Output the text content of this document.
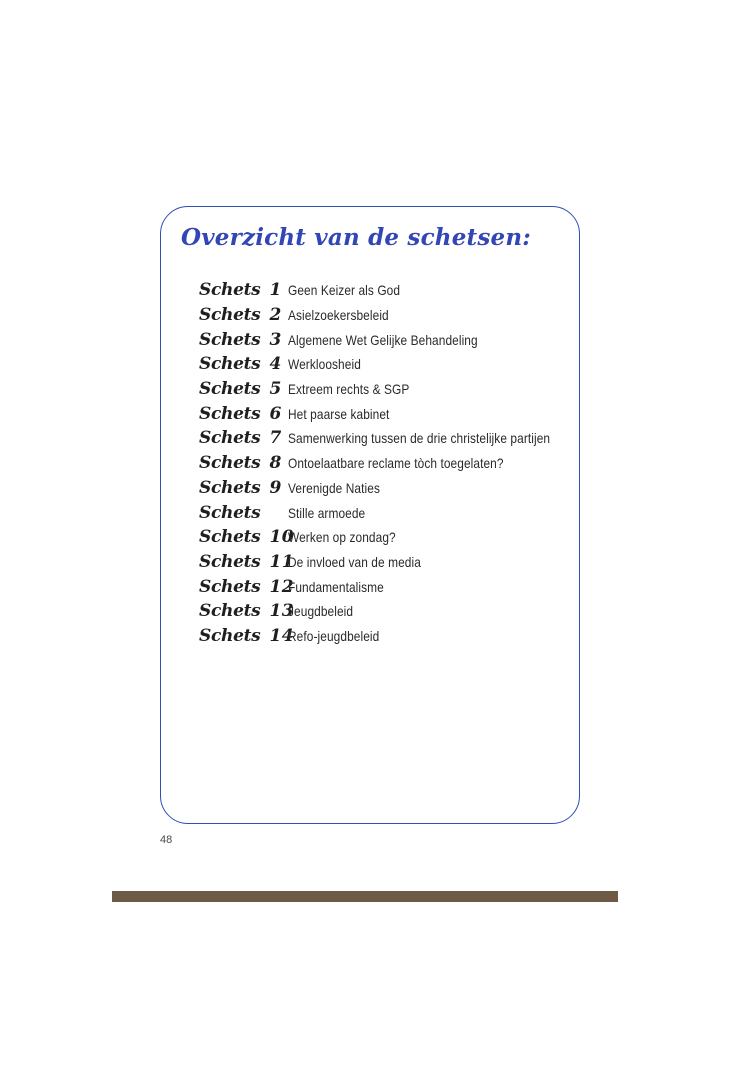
Overzicht van de schetsen:
Schets 1 Geen Keizer als God
Schets 2 Asielzoekersbeleid
Schets 3 Algemene Wet Gelijke Behandeling
Schets 4 Werkloosheid
Schets 5 Extreem rechts & SGP
Schets 6 Het paarse kabinet
Schets 7 Samenwerking tussen de drie christelijke partijen
Schets 8 Ontoelaatbare reclame tòch toegelaten?
Schets 9 Verenigde Naties
Schets Stille armoede
Schets 10
Werken op zondag?
Schets 11
De invloed van de media
Schets 12
Fundamentalisme
Schets 13
Jeugdbeleid
Schets 14
Refo-jeugdbeleid
48
